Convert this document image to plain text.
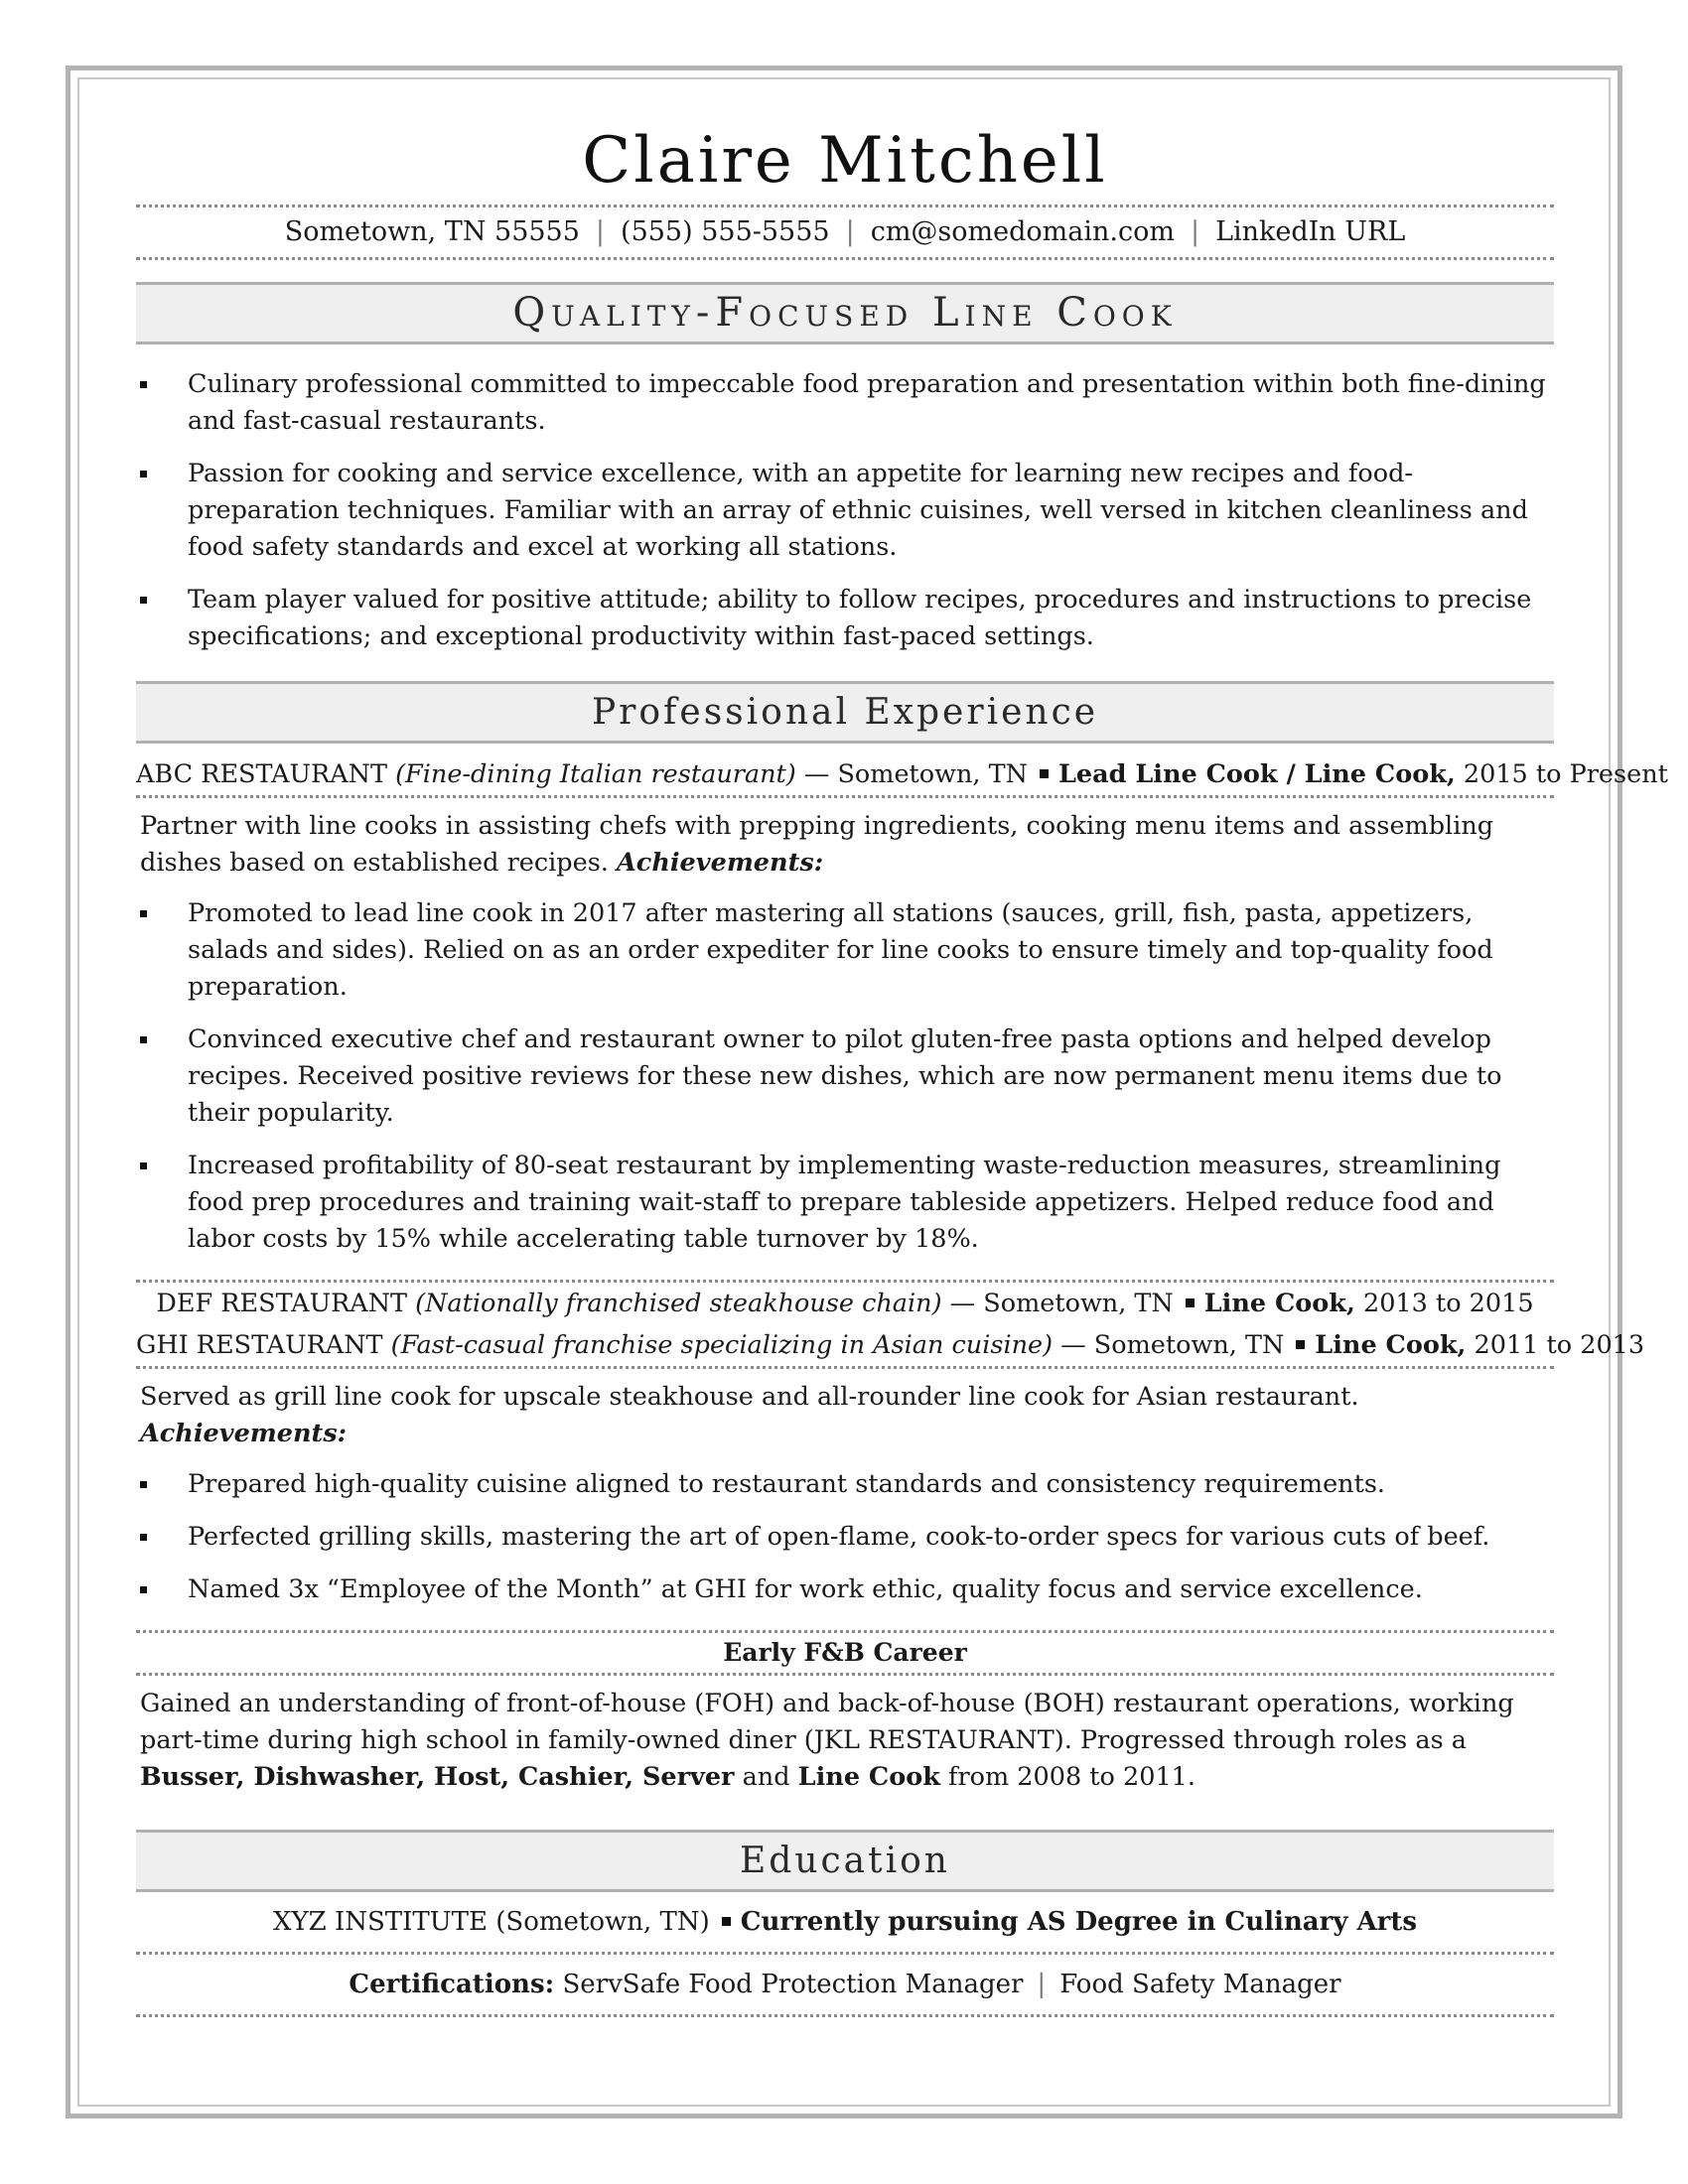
Claire Mitchell
Sometown, TN 55555 | (555) 555-5555 | cm@somedomain.com | LinkedIn URL
Quality-Focused Line Cook
Culinary professional committed to impeccable food preparation and presentation within both fine-dining and fast-casual restaurants.
Passion for cooking and service excellence, with an appetite for learning new recipes and food-preparation techniques. Familiar with an array of ethnic cuisines, well versed in kitchen cleanliness and food safety standards and excel at working all stations.
Team player valued for positive attitude; ability to follow recipes, procedures and instructions to precise specifications; and exceptional productivity within fast-paced settings.
Professional Experience
ABC RESTAURANT (Fine-dining Italian restaurant) — Sometown, TN Lead Line Cook / Line Cook, 2015 to Present

Partner with line cooks in assisting chefs with prepping ingredients, cooking menu items and assembling dishes based on established recipes. Achievements:

Promoted to lead line cook in 2017 after mastering all stations (sauces, grill, fish, pasta, appetizers, salads and sides). Relied on as an order expediter for line cooks to ensure timely and top-quality food preparation.
Convinced executive chef and restaurant owner to pilot gluten-free pasta options and helped develop recipes. Received positive reviews for these new dishes, which are now permanent menu items due to their popularity.
Increased profitability of 80-seat restaurant by implementing waste-reduction measures, streamlining food prep procedures and training wait-staff to prepare tableside appetizers. Helped reduce food and labor costs by 15% while accelerating table turnover by 18%.
DEF RESTAURANT (Nationally franchised steakhouse chain) — Sometown, TN Line Cook, 2013 to 2015
GHI RESTAURANT (Fast-casual franchise specializing in Asian cuisine) — Sometown, TN Line Cook, 2011 to 2013

Served as grill line cook for upscale steakhouse and all-rounder line cook for Asian restaurant. Achievements:

Prepared high-quality cuisine aligned to restaurant standards and consistency requirements.
Perfected grilling skills, mastering the art of open-flame, cook-to-order specs for various cuts of beef.
Named 3x “Employee of the Month” at GHI for work ethic, quality focus and service excellence.
Early F&B Career

Gained an understanding of front-of-house (FOH) and back-of-house (BOH) restaurant operations, working part-time during high school in family-owned diner (JKL RESTAURANT). Progressed through roles as a Busser, Dishwasher, Host, Cashier, Server and Line Cook from 2008 to 2011.

Education
XYZ INSTITUTE (Sometown, TN) Currently pursuing AS Degree in Culinary Arts
Certifications: ServSafe Food Protection Manager | Food Safety Manager
